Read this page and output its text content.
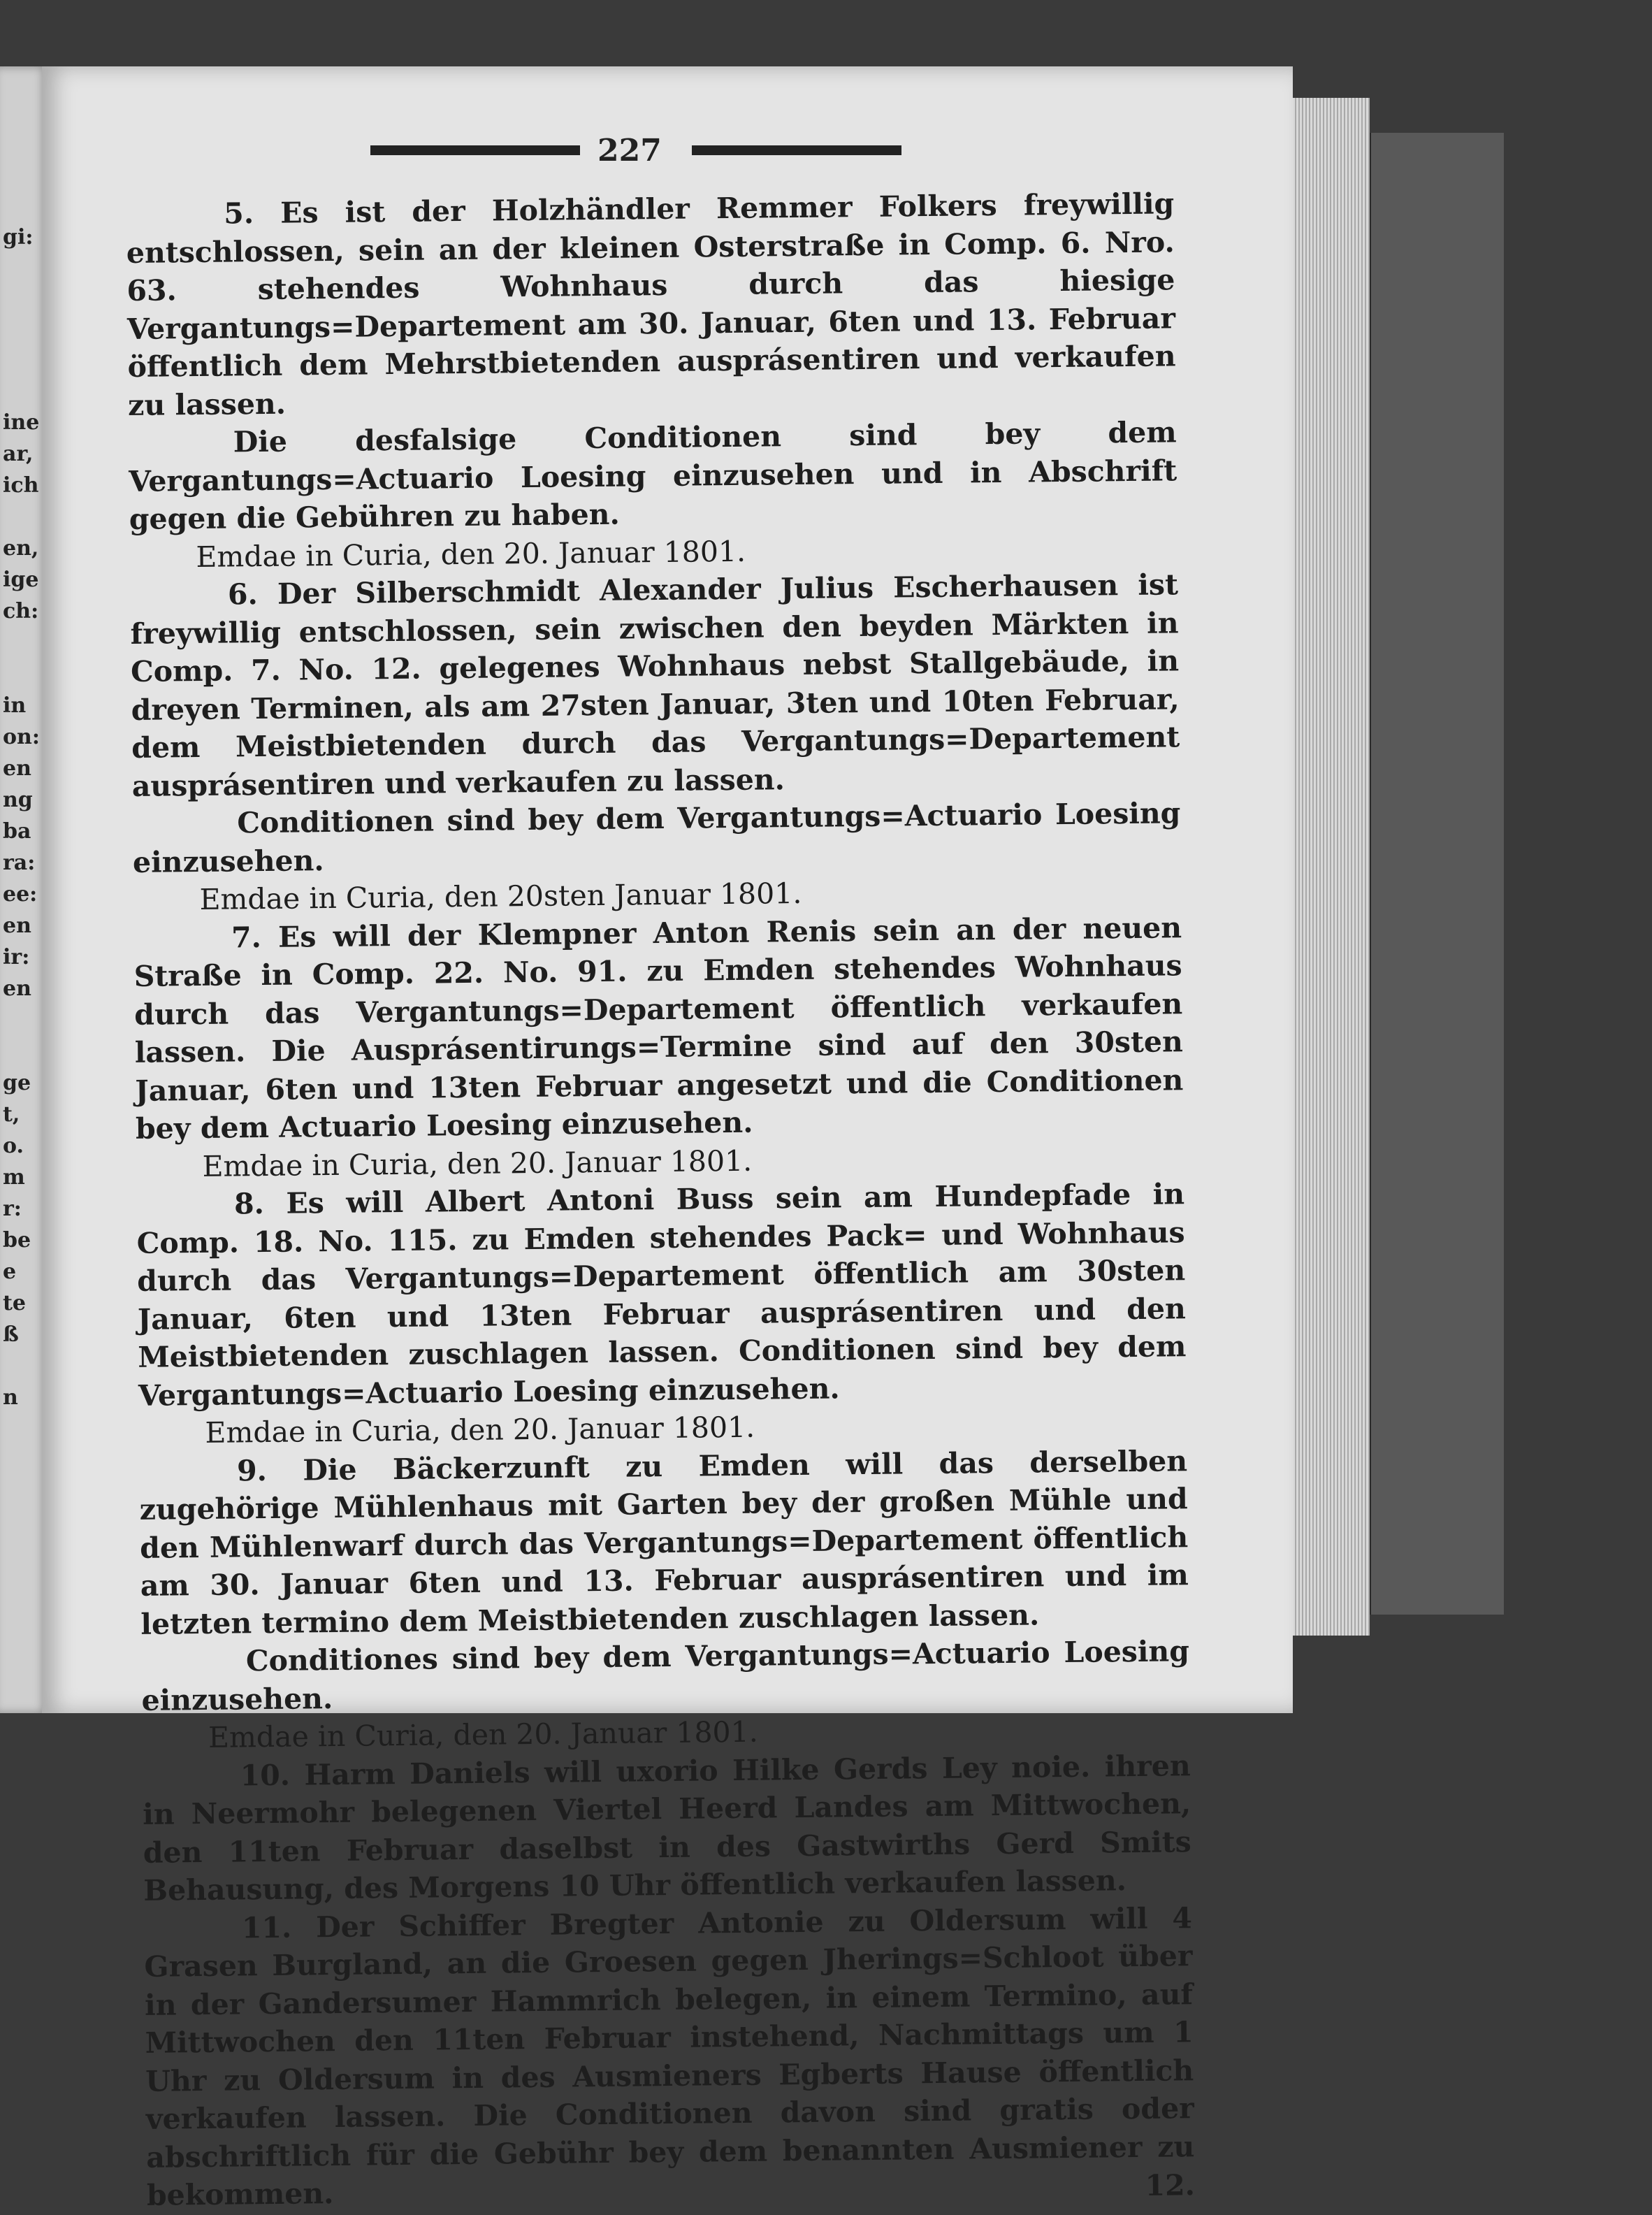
gi:
ine
ar,
ich
en,
ige
ch:
in
on:
en
ng
ba
ra:
ee:
en
ir:
en
ge
t,
o.
m
r:
be
e
te
ß
n
227

5. Es ist der Holzhändler Remmer Folkers freywillig entschlossen, sein an der kleinen Osterstraße in Comp. 6. Nro. 63. stehendes Wohnhaus durch das hiesige Vergantungs=Departement am 30. Januar, 6ten und 13. Februar öffentlich dem Mehrstbietenden ausprásentiren und verkaufen zu lassen.

Die desfalsige Conditionen sind bey dem Vergantungs=Actuario Loesing einzusehen und in Abschrift gegen die Gebühren zu haben.

Emdae in Curia, den 20. Januar 1801.

6. Der Silberschmidt Alexander Julius Escherhausen ist freywillig entschlossen, sein zwischen den beyden Märkten in Comp. 7. No. 12. gelegenes Wohnhaus nebst Stallgebäude, in dreyen Terminen, als am 27sten Januar, 3ten und 10ten Februar, dem Meistbietenden durch das Vergantungs=Departement ausprásentiren und verkaufen zu lassen.

Conditionen sind bey dem Vergantungs=Actuario Loesing einzusehen.

Emdae in Curia, den 20sten Januar 1801.

7. Es will der Klempner Anton Renis sein an der neuen Straße in Comp. 22. No. 91. zu Emden stehendes Wohnhaus durch das Vergantungs=Departement öffentlich verkaufen lassen. Die Ausprásentirungs=Termine sind auf den 30sten Januar, 6ten und 13ten Februar angesetzt und die Conditionen bey dem Actuario Loesing einzusehen.

Emdae in Curia, den 20. Januar 1801.

8. Es will Albert Antoni Buss sein am Hundepfade in Comp. 18. No. 115. zu Emden stehendes Pack= und Wohnhaus durch das Vergantungs=Departement öffentlich am 30sten Januar, 6ten und 13ten Februar ausprásentiren und den Meistbietenden zuschlagen lassen. Conditionen sind bey dem Vergantungs=Actuario Loesing einzusehen.

Emdae in Curia, den 20. Januar 1801.

9. Die Bäckerzunft zu Emden will das derselben zugehörige Mühlenhaus mit Garten bey der großen Mühle und den Mühlenwarf durch das Vergantungs=Departement öffentlich am 30. Januar 6ten und 13. Februar ausprásentiren und im letzten termino dem Meistbietenden zuschlagen lassen.

Conditiones sind bey dem Vergantungs=Actuario Loesing einzusehen.

Emdae in Curia, den 20. Januar 1801.

10. Harm Daniels will uxorio Hilke Gerds Ley noie. ihren in Neermohr belegenen Viertel Heerd Landes am Mittwochen, den 11ten Februar daselbst in des Gastwirths Gerd Smits Behausung, des Morgens 10 Uhr öffentlich verkaufen lassen.

11. Der Schiffer Bregter Antonie zu Oldersum will 4 Grasen Burgland, an die Groesen gegen Jherings=Schloot über in der Gandersumer Hammrich belegen, in einem Termino, auf Mittwochen den 11ten Februar instehend, Nachmittags um 1 Uhr zu Oldersum in des Ausmieners Egberts Hause öffentlich verkaufen lassen. Die Conditionen davon sind gratis oder abschriftlich für die Gebühr bey dem benannten Ausmiener zu bekommen.	12.
